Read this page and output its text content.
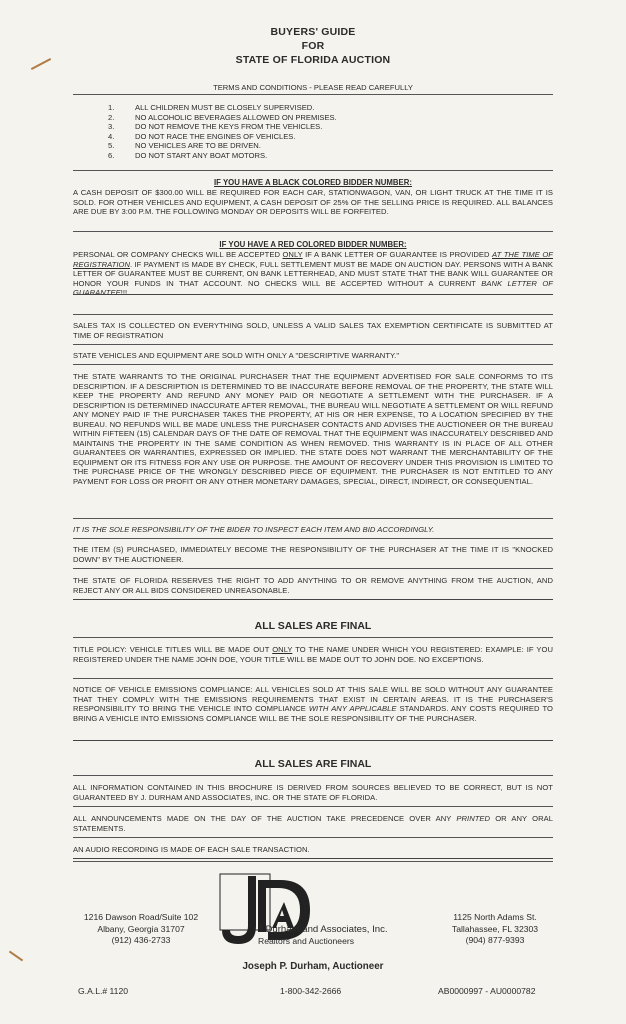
BUYERS' GUIDE
FOR
STATE OF FLORIDA AUCTION
TERMS AND CONDITIONS - PLEASE READ CAREFULLY
1.	ALL CHILDREN MUST BE CLOSELY SUPERVISED.
2.	NO ALCOHOLIC BEVERAGES ALLOWED ON PREMISES.
3.	DO NOT REMOVE THE KEYS FROM THE VEHICLES.
4.	DO NOT RACE THE ENGINES OF VEHICLES.
5.	NO VEHICLES ARE TO BE DRIVEN.
6.	DO NOT START ANY BOAT MOTORS.
IF YOU HAVE A BLACK COLORED BIDDER NUMBER:

A CASH DEPOSIT OF $300.00 WILL BE REQUIRED FOR EACH CAR, STATIONWAGON, VAN, OR LIGHT TRUCK AT THE TIME IT IS SOLD. FOR OTHER VEHICLES AND EQUIPMENT, A CASH DEPOSIT OF 25% OF THE SELLING PRICE IS REQUIRED. ALL BALANCES ARE DUE BY 3:00 P.M. THE FOLLOWING MONDAY OR DEPOSITS WILL BE FORFEITED.

IF YOU HAVE A RED COLORED BIDDER NUMBER:

PERSONAL OR COMPANY CHECKS WILL BE ACCEPTED ONLY IF A BANK LETTER OF GUARANTEE IS PROVIDED AT THE TIME OF REGISTRATION. IF PAYMENT IS MADE BY CHECK, FULL SETTLEMENT MUST BE MADE ON AUCTION DAY. PERSONS WITH A BANK LETTER OF GUARANTEE MUST BE CURRENT, ON BANK LETTERHEAD, AND MUST STATE THAT THE BANK WILL GUARANTEE OR HONOR YOUR FUNDS IN THAT ACCOUNT. NO CHECKS WILL BE ACCEPTED WITHOUT A CURRENT BANK LETTER OF GUARANTEE!!!

SALES TAX IS COLLECTED ON EVERYTHING SOLD, UNLESS A VALID SALES TAX EXEMPTION CERTIFICATE IS SUBMITTED AT TIME OF REGISTRATION

STATE VEHICLES AND EQUIPMENT ARE SOLD WITH ONLY A "DESCRIPTIVE WARRANTY."

THE STATE WARRANTS TO THE ORIGINAL PURCHASER THAT THE EQUIPMENT ADVERTISED FOR SALE CONFORMS TO ITS DESCRIPTION. IF A DESCRIPTION IS DETERMINED TO BE INACCURATE BEFORE REMOVAL OF THE PROPERTY, THE STATE WILL KEEP THE PROPERTY AND REFUND ANY MONEY PAID OR NEGOTIATE A SETTLEMENT WITH THE PURCHASER. IF A DESCRIPTION IS DETERMINED INACCURATE AFTER REMOVAL, THE BUREAU WILL NEGOTIATE A SETTLEMENT OR WILL REFUND ANY MONEY PAID IF THE PURCHASER TAKES THE PROPERTY, AT HIS OR HER EXPENSE, TO A LOCATION SPECIFIED BY THE BUREAU. NO REFUNDS WILL BE MADE UNLESS THE PURCHASER CONTACTS AND ADVISES THE AUCTIONEER OR THE BUREAU WITHIN FIFTEEN (15) CALENDAR DAYS OF THE DATE OF REMOVAL THAT THE EQUIPMENT WAS INACCURATELY DESCRIBED AND MAINTAINS THE PROPERTY IN THE SAME CONDITION AS WHEN REMOVED. THIS WARRANTY IS IN PLACE OF ALL OTHER GUARANTEES OR WARRANTIES, EXPRESSED OR IMPLIED. THE STATE DOES NOT WARRANT THE MERCHANTABILITY OF THE EQUIPMENT OR ITS FITNESS FOR ANY USE OR PURPOSE. THE AMOUNT OF RECOVERY UNDER THIS PROVISION IS LIMITED TO THE PURCHASE PRICE OF THE WRONGLY DESCRIBED PIECE OF EQUIPMENT. THE PURCHASER IS NOT ENTITLED TO ANY PAYMENT FOR LOSS OR PROFIT OR ANY OTHER MONETARY DAMAGES, SPECIAL, DIRECT, INDIRECT, OR CONSEQUENTIAL.

IT IS THE SOLE RESPONSIBILITY OF THE BIDER TO INSPECT EACH ITEM AND BID ACCORDINGLY.

THE ITEM (S) PURCHASED, IMMEDIATELY BECOME THE RESPONSIBILITY OF THE PURCHASER AT THE TIME IT IS "KNOCKED DOWN" BY THE AUCTIONEER.

THE STATE OF FLORIDA RESERVES THE RIGHT TO ADD ANYTHING TO OR REMOVE ANYTHING FROM THE AUCTION, AND REJECT ANY OR ALL BIDS CONSIDERED UNREASONABLE.

ALL SALES ARE FINAL

TITLE POLICY: VEHICLE TITLES WILL BE MADE OUT ONLY TO THE NAME UNDER WHICH YOU REGISTERED: EXAMPLE: IF YOU REGISTERED UNDER THE NAME JOHN DOE, YOUR TITLE WILL BE MADE OUT TO JOHN DOE. NO EXCEPTIONS.

NOTICE OF VEHICLE EMISSIONS COMPLIANCE: ALL VEHICLES SOLD AT THIS SALE WILL BE SOLD WITHOUT ANY GUARANTEE THAT THEY COMPLY WITH THE EMISSIONS REQUIREMENTS THAT EXIST IN CERTAIN AREAS. IT IS THE PURCHASER'S RESPONSIBILITY TO BRING THE VEHICLE INTO COMPLIANCE WITH ANY APPLICABLE STANDARDS. ANY COSTS REQUIRED TO BRING A VEHICLE INTO EMISSIONS COMPLIANCE WILL BE THE SOLE RESPONSIBILITY OF THE PURCHASER.

ALL SALES ARE FINAL

ALL INFORMATION CONTAINED IN THIS BROCHURE IS DERIVED FROM SOURCES BELIEVED TO BE CORRECT, BUT IS NOT GUARANTEED BY J. DURHAM AND ASSOCIATES, INC. OR THE STATE OF FLORIDA.

ALL ANNOUNCEMENTS MADE ON THE DAY OF THE AUCTION TAKE PRECEDENCE OVER ANY PRINTED OR ANY ORAL STATEMENTS.

AN AUDIO RECORDING IS MADE OF EACH SALE TRANSACTION.

1216 Dawson Road/Suite 102
Albany, Georgia 31707
(912) 436-2733
J.Durham and Associates, Inc.
Realtors and Auctioneers
1125 North Adams St.
Tallahassee, FL 32303
(904) 877-9393
Joseph P. Durham, Auctioneer
G.A.L.# 1120	1-800-342-2666	AB0000997 - AU0000782
